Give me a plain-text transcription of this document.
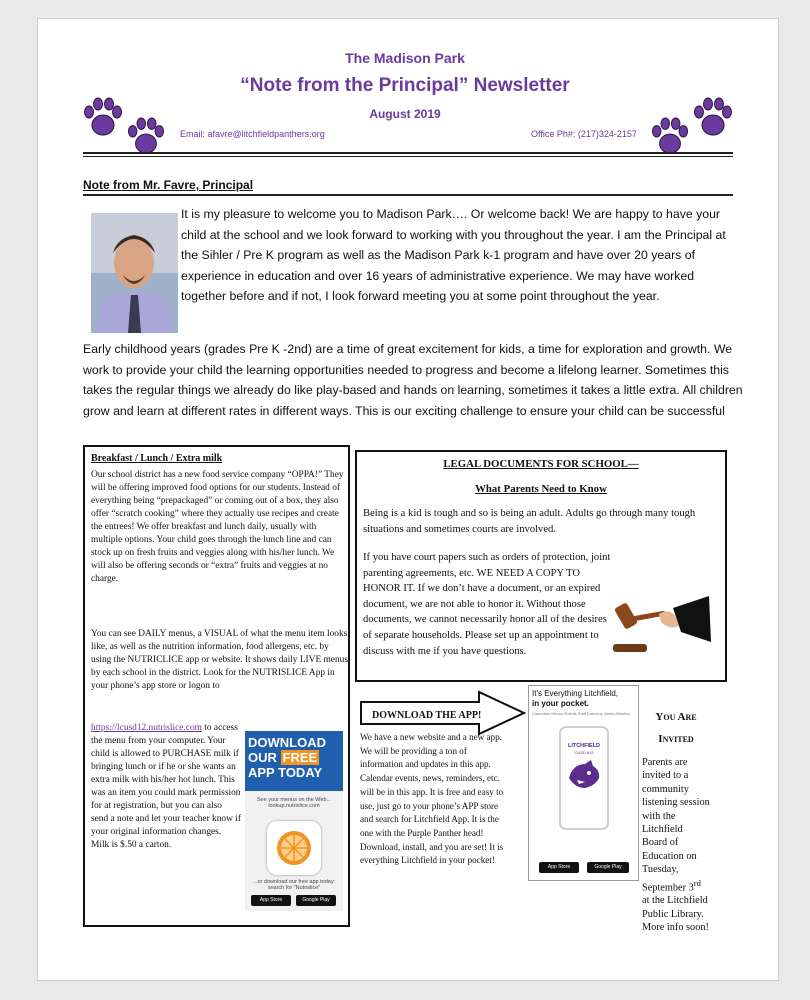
The Madison Park
“Note from the Principal” Newsletter
August 2019
Email: afavre@litchfieldpanthers.org	Office Ph#: (217)324-2157
Note from Mr. Favre, Principal

It is my pleasure to welcome you to Madison Park…. Or welcome back! We are happy to have your child at the school and we look forward to working with you throughout the year. I am the Principal at the Sihler / Pre K program as well as the Madison Park k-1 program and have over 20 years of experience in education and over 16 years of administrative experience. We may have worked together before and if not, I look forward meeting you at some point throughout the year.

Early childhood years (grades Pre K -2nd) are a time of great excitement for kids, a time for exploration and growth. We work to provide your child the learning opportunities needed to progress and become a lifelong learner. Sometimes this takes the regular things we already do like play-based and hands on learning, sometimes it takes a little extra. All children grow and learn at different rates in different ways. This is our exciting challenge to ensure your child can be successful
Breakfast / Lunch / Extra milk

Our school district has a new food service company “OPPA!” They will be offering improved food options for our students. Instead of everything being “prepackaged” or coming out of a box, they also offer “scratch cooking” where they actually use recipes and create the entrees! We offer breakfast and lunch daily, usually with multiple options. Your child goes through the lunch line and can stock up on fresh fruits and veggies along with his/her lunch. We will also be offering seconds or “extra” fruits and veggies at no charge.

You can see DAILY menus, a VISUAL of what the menu item looks like, as well as the nutrition information, food allergens, etc. by using the NUTRICLICE app or website. It shows daily LIVE menus by each school in the district. Look for the NUTRISLICE App in your phone’s app store or logon to

https://lcusd12.nutrislice.com to access the menu from your computer. Your child is allowed to PURCHASE milk if bringing lunch or if he or she wants an extra milk with his/her hot lunch. This was an item you could mark permission for at registration, but you can also send a note and let your teacher know if your original information changes. Milk is $.50 a carton.

DOWNLOAD
OUR FREE
APP TODAY
See your menus on the Web... lookup.nutrislice.com
...or download our free app today: search for "Nutrislice"
App Store	Google Play
LEGAL DOCUMENTS FOR SCHOOL—
What Parents Need to Know

Being is a kid is tough and so is being an adult. Adults go through many tough situations and sometimes courts are involved.

If you have court papers such as orders of protection, joint parenting agreements, etc. WE NEED A COPY TO HONOR IT. If we don’t have a document, or an expired document, we are not able to honor it. Without those documents, we cannot necessarily honor all of the desires of separate households. Please set up an appointment to discuss with me if you have questions.

DOWNLOAD THE APP!

We have a new website and a new app. We will be providing a ton of information and updates in this app. Calendar events, news, reminders, etc. will be in this app. It is free and easy to use, just go to your phone’s APP store and search for Litchfield App. It is the one with the Purple Panther head! Download, install, and you are set! It is everything Litchfield in your pocket!

It's Everything Litchfield,
in your pocket.
Calendars Menus Events Staff Directory Alerts Athletics
LITCHFIELD
CUSD #12
App Store	Google Play
You Are
Invited

Parents are invited to a community listening session with the Litchfield Board of Education on Tuesday, September 3rd at the Litchfield Public Library. More info soon!
